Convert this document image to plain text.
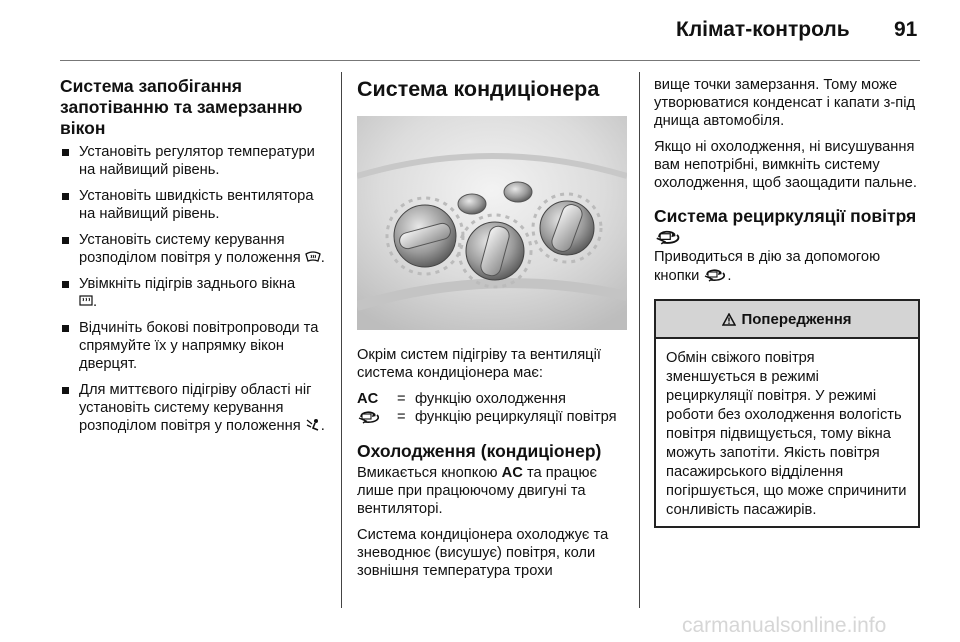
Клімат-контроль 91
Система запобігання запотіванню та замерзанню вікон
Установіть регулятор температури на найвищий рівень.
Установіть швидкість вентилятора на найвищий рівень.
Установіть систему керування розподілом повітря у положення .
Увімкніть підігрів заднього вікна
.
Відчиніть бокові повітропроводи та спрямуйте їх у напрямку вікон дверцят.
Для миттєвого підігріву області ніг установіть систему керування розподілом повітря у положення .
Система кондиціонера

Окрім систем підігріву та вентиляції система кондиціонера має:

AC	= функцію охолодження
= функцію рециркуляції повітря
Охолодження (кондиціонер)

Вмикається кнопкою AC та працює лише при працюючому двигуні та вентиляторі.

Система кондиціонера охолоджує та зневоднює (висушує) повітря, коли зовнішня температура трохи

вище точки замерзання. Тому може утворюватися конденсат і капати з-під днища автомобіля.

Якщо ні охолодження, ні висушування вам непотрібні, вимкніть систему охолодження, щоб заощадити пальне.

Система рециркуляції повітря

Приводиться в дію за допомогою кнопки .

Попередження
Обмін свіжого повітря зменшується в режимі рециркуляції повітря. У режимі роботи без охолодження вологість повітря підвищується, тому вікна можуть запотіти. Якість повітря пасажирського відділення погіршується, що може спричинити сонливість пасажирів.
carmanualsonline.info
